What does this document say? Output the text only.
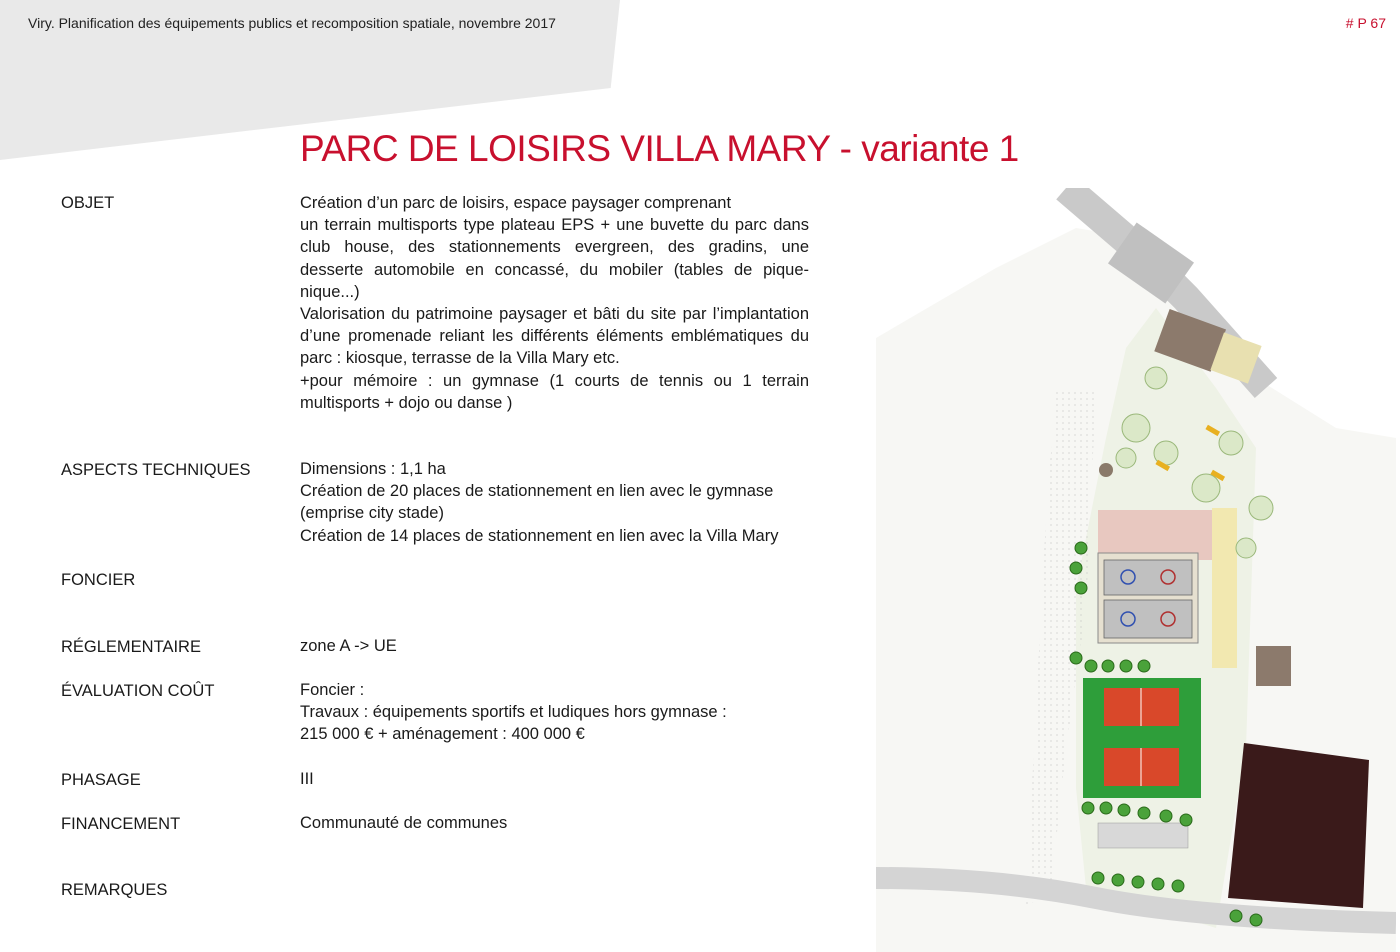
Viry. Planification des équipements publics et recomposition spatiale, novembre 2017	# P 67
PARC DE LOISIRS VILLA MARY - variante 1
OBJET	Création d’un parc de loisirs, espace paysager comprenant

un terrain multisports type plateau EPS + une buvette du parc dans club house, des stationnements evergreen, des gradins, une desserte automobile en concassé, du mobiler (tables de pique-nique...)

Valorisation du patrimoine paysager et bâti du site par l’implantation d’une promenade reliant les différents éléments emblématiques du parc : kiosque, terrasse de la Villa Mary etc.

+pour mémoire : un gymnase (1 courts de tennis ou 1 terrain multisports + dojo ou danse )

ASPECTS TECHNIQUES	Dimensions : 1,1 ha

Création de 20 places de stationnement en lien avec le gymnase

(emprise city stade)

Création de 14 places de stationnement en lien avec la Villa Mary

FONCIER
RÉGLEMENTAIRE	zone A -> UE
ÉVALUATION COÛT	Foncier :

Travaux : équipements sportifs et ludiques hors gymnase :

215 000 € + aménagement : 400 000 €

PHASAGE	III
FINANCEMENT	Communauté de communes
REMARQUES
